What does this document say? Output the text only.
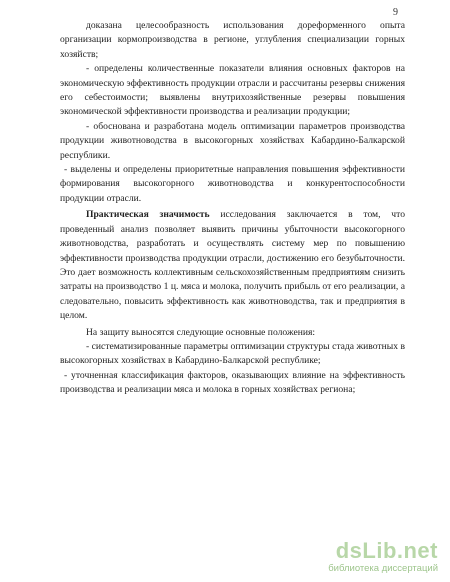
9

доказана целесообразность использования дореформенного опыта организации кормопроизводства в регионе, углубления специализации горных хозяйств;

- определены количественные показатели влияния основных факторов на экономическую эффективность продукции отрасли и рассчитаны резервы снижения его себестоимости; выявлены внутрихозяйственные резервы повышения экономической эффективности производства и реализации продукции;

- обоснована и разработана модель оптимизации параметров производства продукции животноводства в высокогорных хозяйствах Кабардино-Балкарской республики.

- выделены и определены приоритетные направления повышения эффективности формирования высокогорного животноводства и конкурентоспособности продукции отрасли.

Практическая значимость исследования заключается в том, что проведенный анализ позволяет выявить причины убыточности высокогорного животноводства, разработать и осуществлять систему мер по повышению эффективности производства продукции отрасли, достижению его безубыточности. Это дает возможность коллективным сельскохозяйственным предприятиям снизить затраты на производство 1 ц. мяса и молока, получить прибыль от его реализации, а следовательно, повысить эффективность как животноводства, так и предприятия в целом.

На защиту выносятся следующие основные положения:

- систематизированные параметры оптимизации структуры стада животных в высокогорных хозяйствах в Кабардино-Балкарской республике;

- уточненная классификация факторов, оказывающих влияние на эффективность производства и реализации мяса и молока в горных хозяйствах региона;

dsLib.net
библиотека диссертаций
